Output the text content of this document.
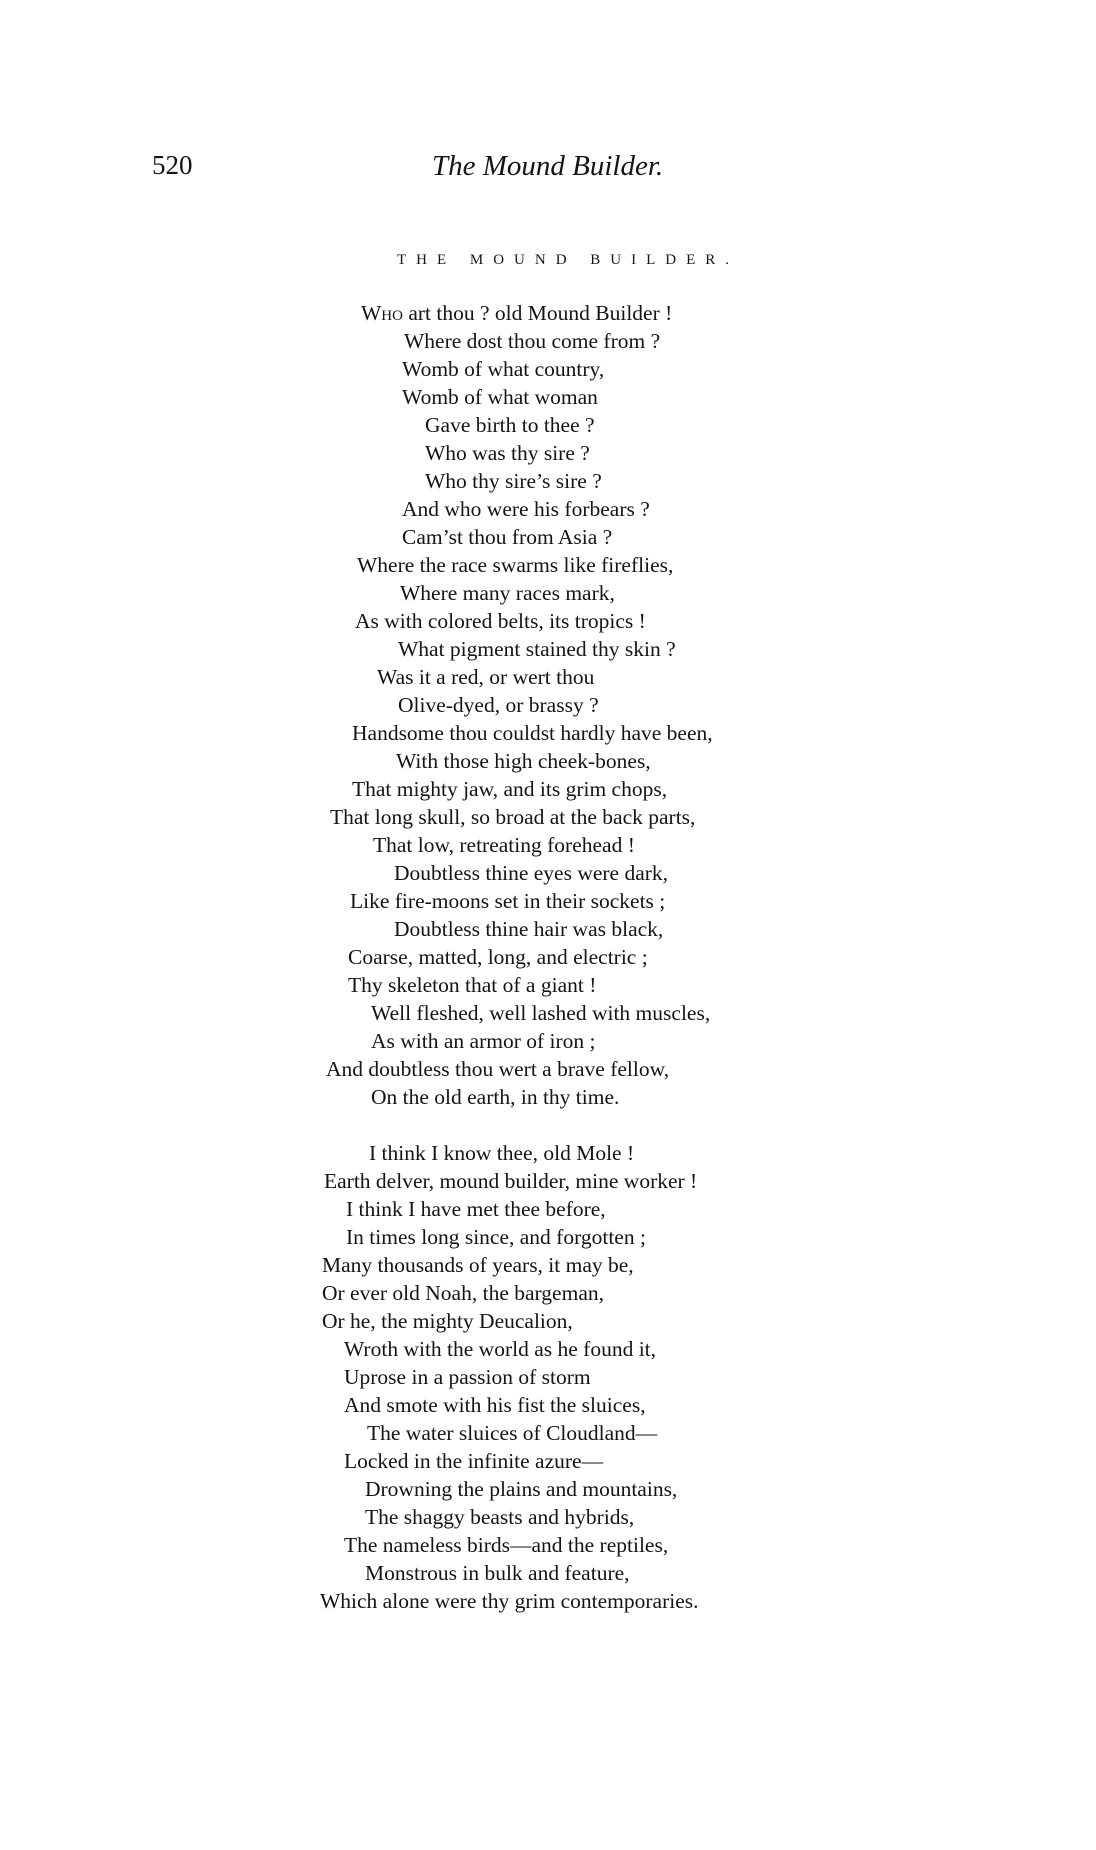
520	The Mound Builder.
THE MOUND BUILDER.
Who art thou ? old Mound Builder !
Where dost thou come from ?
Womb of what country,
Womb of what woman
Gave birth to thee ?
Who was thy sire ?
Who thy sire’s sire ?
And who were his forbears ?
Cam’st thou from Asia ?
Where the race swarms like fireflies,
Where many races mark,
As with colored belts, its tropics !
What pigment stained thy skin ?
Was it a red, or wert thou
Olive-dyed, or brassy ?
Handsome thou couldst hardly have been,
With those high cheek-bones,
That mighty jaw, and its grim chops,
That long skull, so broad at the back parts,
That low, retreating forehead !
Doubtless thine eyes were dark,
Like fire-moons set in their sockets ;
Doubtless thine hair was black,
Coarse, matted, long, and electric ;
Thy skeleton that of a giant !
Well fleshed, well lashed with muscles,
As with an armor of iron ;
And doubtless thou wert a brave fellow,
On the old earth, in thy time.
I think I know thee, old Mole !
Earth delver, mound builder, mine worker !
I think I have met thee before,
In times long since, and forgotten ;
Many thousands of years, it may be,
Or ever old Noah, the bargeman,
Or he, the mighty Deucalion,
Wroth with the world as he found it,
Uprose in a passion of storm
And smote with his fist the sluices,
The water sluices of Cloudland—
Locked in the infinite azure—
Drowning the plains and mountains,
The shaggy beasts and hybrids,
The nameless birds—and the reptiles,
Monstrous in bulk and feature,
Which alone were thy grim contemporaries.
